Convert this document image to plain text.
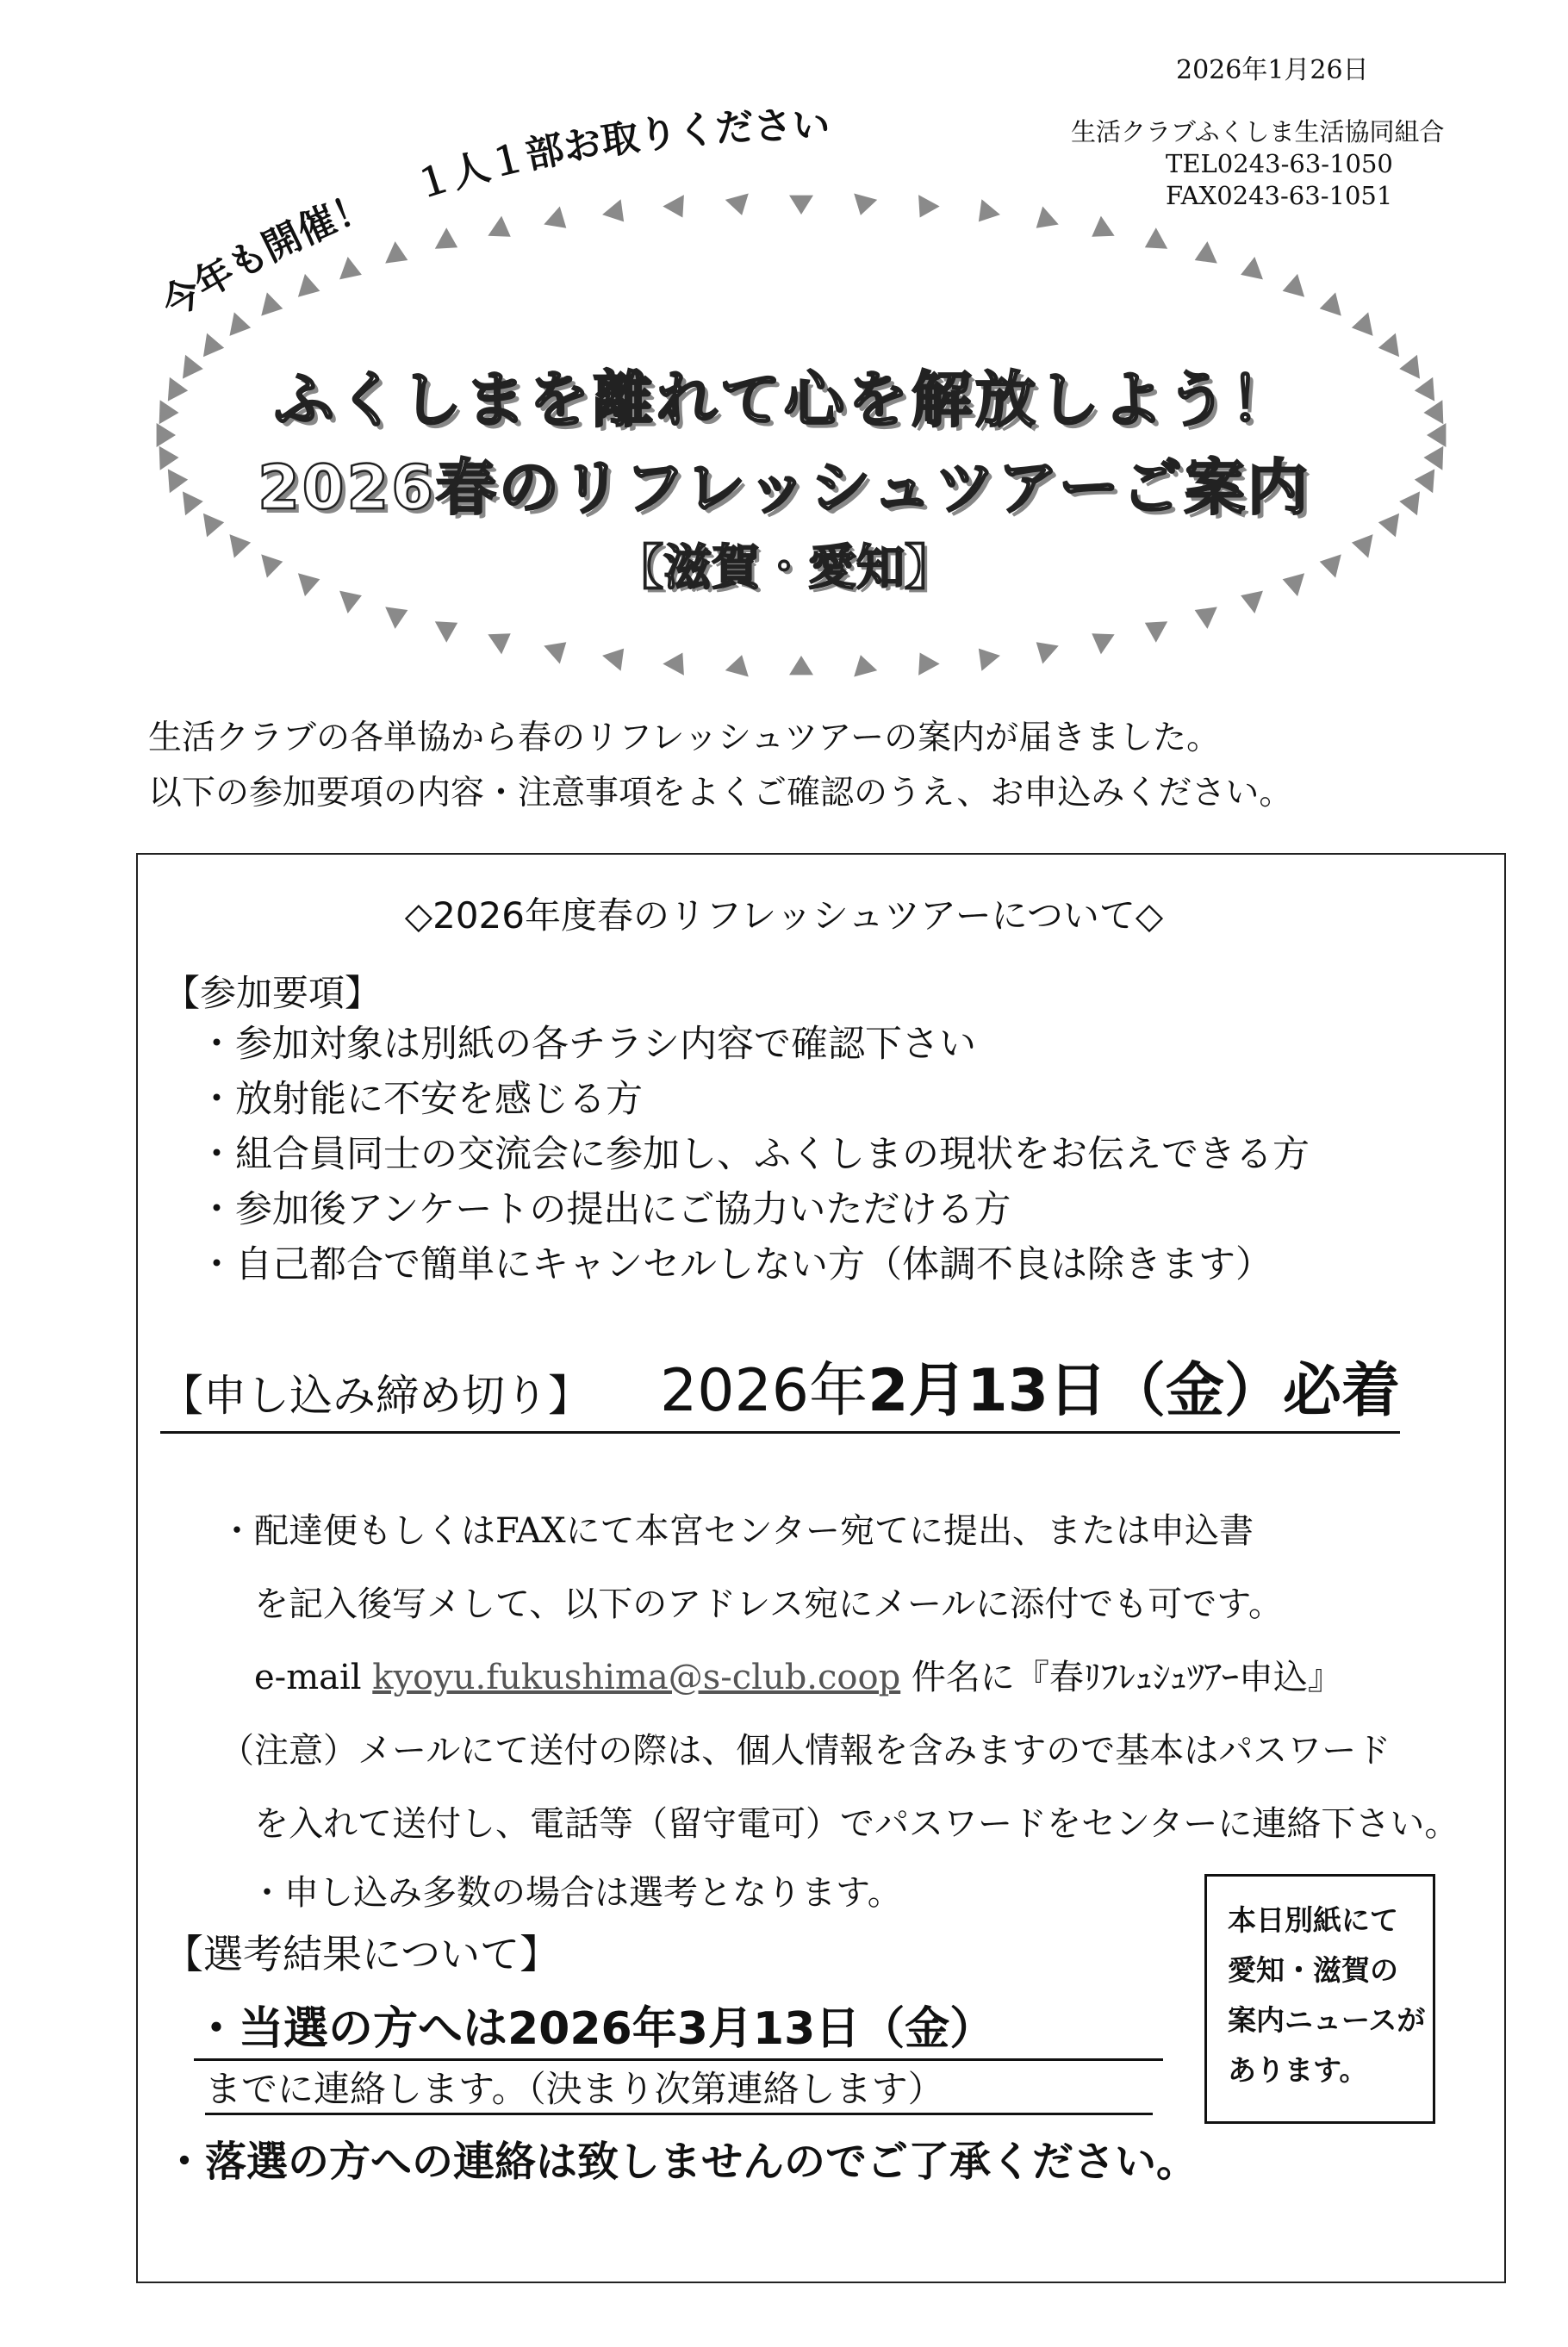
2026年1月26日
生活クラブふくしま生活協同組合
TEL0243-63-1050
FAX0243-63-1051
今年も開催！ １人１部お取りください
ふくしまを離れて心を解放しよう！
2026春のリフレッシュツアーご案内
【滋賀・愛知】
生活クラブの各単協から春のリフレッシュツアーの案内が届きました。
以下の参加要項の内容・注意事項をよくご確認のうえ、お申込みください。
◇2026年度春のリフレッシュツアーについて◇
【参加要項】
・参加対象は別紙の各チラシ内容で確認下さい
・放射能に不安を感じる方
・組合員同士の交流会に参加し、ふくしまの現状をお伝えできる方
・参加後アンケートの提出にご協力いただける方
・自己都合で簡単にキャンセルしない方（体調不良は除きます）
【申し込み締め切り】 2026年2月13日（金）必着
・配達便もしくはFAXにて本宮センター宛てに提出、または申込書
を記入後写メして、以下のアドレス宛にメールに添付でも可です。
e-mail kyoyu.fukushima@s-club.coop 件名に『春ﾘﾌﾚｭｼｭﾂｱｰ申込』
（注意）メールにて送付の際は、個人情報を含みますので基本はパスワード
を入れて送付し、電話等（留守電可）でパスワードをセンターに連絡下さい。
・申し込み多数の場合は選考となります。
【選考結果について】
・当選の方へは2026年3月13日（金）
までに連絡します。（決まり次第連絡します）
・落選の方への連絡は致しませんのでご了承ください。
本日別紙にて
愛知・滋賀の
案内ニュースが
あります。
